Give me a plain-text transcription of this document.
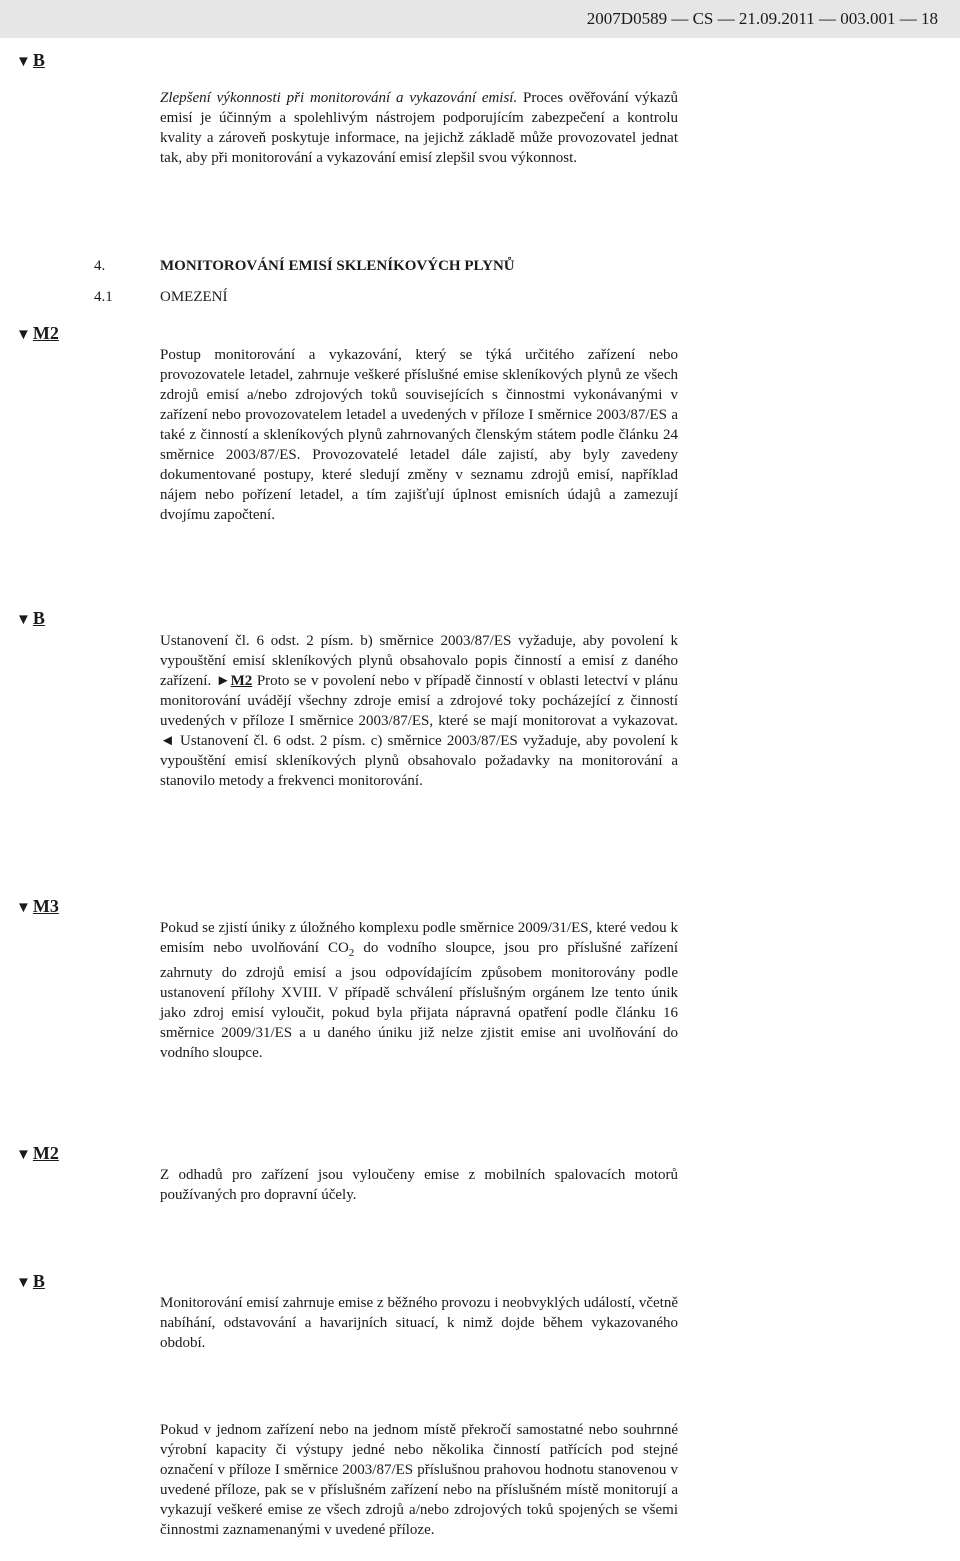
2007D0589 — CS — 21.09.2011 — 003.001 — 18
▼ B
Zlepšení výkonnosti při monitorování a vykazování emisí. Proces ověřování výkazů emisí je účinným a spolehlivým nástrojem podporujícím zabezpečení a kontrolu kvality a zároveň poskytuje informace, na jejichž základě může provozovatel jednat tak, aby při monitorování a vykazování emisí zlepšil svou výkonnost.
4.	MONITOROVÁNÍ EMISÍ SKLENÍKOVÝCH PLYNŮ
4.1	OMEZENÍ
▼ M2
Postup monitorování a vykazování, který se týká určitého zařízení nebo provozovatele letadel, zahrnuje veškeré příslušné emise skleníkových plynů ze všech zdrojů emisí a/nebo zdrojových toků souvisejících s činnostmi vykonávanými v zařízení nebo provozovatelem letadel a uvedených v příloze I směrnice 2003/87/ES a také z činností a skleníkových plynů zahrnovaných členským státem podle článku 24 směrnice 2003/87/ES. Provozovatelé letadel dále zajistí, aby byly zavedeny dokumentované postupy, které sledují změny v seznamu zdrojů emisí, například nájem nebo pořízení letadel, a tím zajišťují úplnost emisních údajů a zamezují dvojímu započtení.
▼ B
Ustanovení čl. 6 odst. 2 písm. b) směrnice 2003/87/ES vyžaduje, aby povolení k vypouštění emisí skleníkových plynů obsahovalo popis činností a emisí z daného zařízení. ►M2 Proto se v povolení nebo v případě činností v oblasti letectví v plánu monitorování uvádějí všechny zdroje emisí a zdrojové toky pocházející z činností uvedených v příloze I směrnice 2003/87/ES, které se mají monitorovat a vykazovat. ◄ Ustanovení čl. 6 odst. 2 písm. c) směrnice 2003/87/ES vyžaduje, aby povolení k vypouštění emisí skleníkových plynů obsahovalo požadavky na monitorování a stanovilo metody a frekvenci monitorování.
▼ M3
Pokud se zjistí úniky z úložného komplexu podle směrnice 2009/31/ES, které vedou k emisím nebo uvolňování $CO_2$ do vodního sloupce, jsou pro příslušné zařízení zahrnuty do zdrojů emisí a jsou odpovídajícím způsobem monitorovány podle ustanovení přílohy XVIII. V případě schválení příslušným orgánem lze tento únik jako zdroj emisí vyloučit, pokud byla přijata nápravná opatření podle článku 16 směrnice 2009/31/ES a u daného úniku již nelze zjistit emise ani uvolňování do vodního sloupce.
▼ M2
Z odhadů pro zařízení jsou vyloučeny emise z mobilních spalovacích motorů používaných pro dopravní účely.
▼ B
Monitorování emisí zahrnuje emise z běžného provozu i neobvyklých událostí, včetně nabíhání, odstavování a havarijních situací, k nimž dojde během vykazovaného období.
Pokud v jednom zařízení nebo na jednom místě překročí samostatné nebo souhrnné výrobní kapacity či výstupy jedné nebo několika činností patřících pod stejné označení v příloze I směrnice 2003/87/ES příslušnou prahovou hodnotu stanovenou v uvedené příloze, pak se v příslušném zařízení nebo na příslušném místě monitorují a vykazují veškeré emise ze všech zdrojů a/nebo zdrojových toků spojených se všemi činnostmi zaznamenanými v uvedené příloze.
